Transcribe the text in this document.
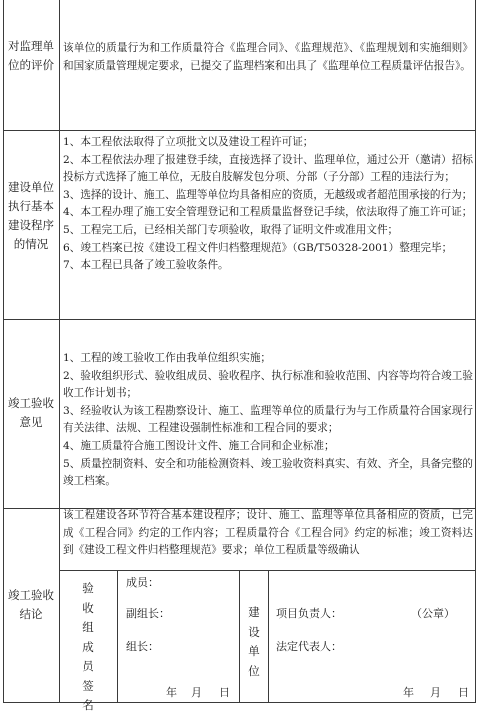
对监理单位的评价

该单位的质量行为和工作质量符合《监理合同》、《监理规范》、《监理规划和实施细则》和国家质量管理规定要求，已提交了监理档案和出具了《监理单位工程质量评估报告》。

建设单位执行基本建设程序的情况

1、本工程依法取得了立项批文以及建设工程许可证；

2、本工程依法办理了报建登手续，直接选择了设计、监理单位，通过公开（邀请）招标投标方式选择了施工单位，无肢自肢解发包分项、分部（子分部）工程的违法行为；

3、选择的设计、施工、监理等单位均具备相应的资质，无越级或者超范围承接的行为；

4、本工程办理了施工安全管理登记和工程质量监督登记手续，依法取得了施工许可证；

5、工程完工后，已经相关部门专项验收，取得了证明文件或准用文件；

6、竣工档案已按《建设工程文件归档整理规范》（GB/T50328-2001）整理完毕；

7、本工程已具备了竣工验收条件。

竣工验收意见

1、工程的竣工验收工作由我单位组织实施；

2、验收组织形式、验收组成员、验收程序、执行标准和验收范围、内容等均符合竣工验收工作计划书；

3、经验收认为该工程勘察设计、施工、监理等单位的质量行为与工作质量符合国家现行有关法律、法规、工程建设强制性标准和工程合同的要求；

4、施工质量符合施工图设计文件、施工合同和企业标准；

5、质量控制资料、安全和功能检测资料、竣工验收资料真实、有效、齐全，具备完整的竣工档案。

竣工验收结论
该工程建设各环节符合基本建设程序；设计、施工、监理等单位具备相应的资质，已完成《工程合同》约定的工作内容；工程质量符合《工程合同》约定的标准；竣工资料达到《建设工程文件归档整理规范》要求；单位工程质量等级确认
验
收
组
成
员
签
名
成员：
副组长：
组长：
年 月 日
建
设
单
位
项目负责人：	（公章）
法定代表人：
年 月 日
